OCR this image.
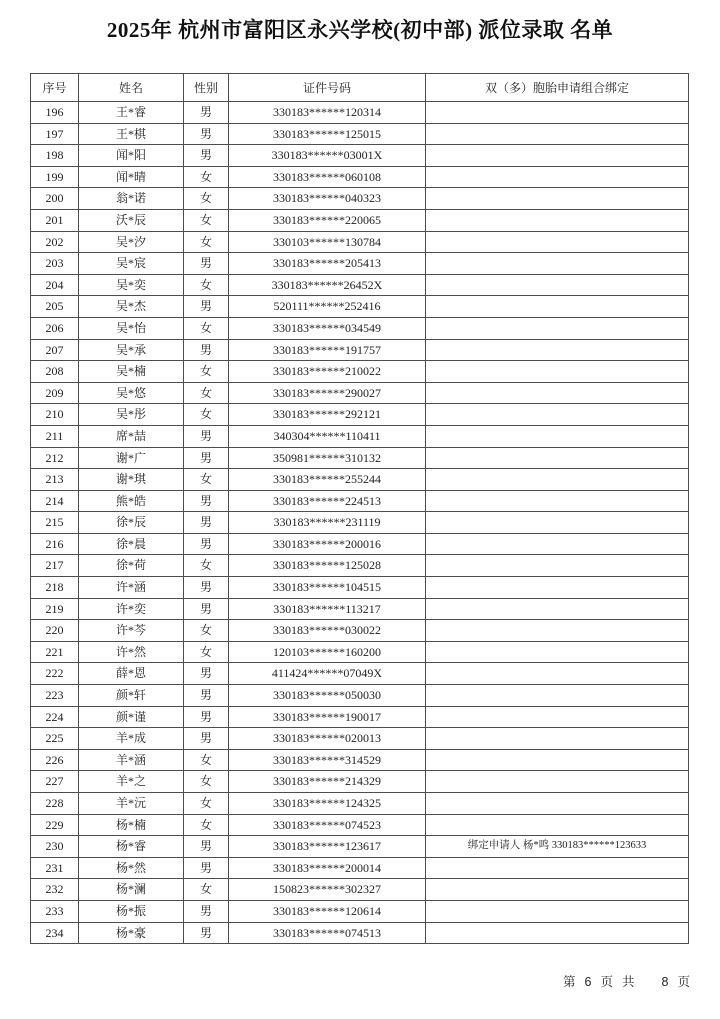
2025年 杭州市富阳区永兴学校(初中部) 派位录取 名单
序号	姓名	性别	证件号码	双（多）胞胎申请组合绑定
196	王*睿	男	330183******120314	
197	王*棋	男	330183******125015	
198	闻*阳	男	330183******03001X	
199	闻*晴	女	330183******060108	
200	翁*诺	女	330183******040323	
201	沃*辰	女	330183******220065	
202	吴*汐	女	330103******130784	
203	吴*宸	男	330183******205413	
204	吴*奕	女	330183******26452X	
205	吴*杰	男	520111******252416	
206	吴*怡	女	330183******034549	
207	吴*承	男	330183******191757	
208	吴*楠	女	330183******210022	
209	吴*悠	女	330183******290027	
210	吴*彤	女	330183******292121	
211	席*喆	男	340304******110411	
212	谢*广	男	350981******310132	
213	谢*琪	女	330183******255244	
214	熊*皓	男	330183******224513	
215	徐*辰	男	330183******231119	
216	徐*晨	男	330183******200016	
217	徐*荷	女	330183******125028	
218	许*涵	男	330183******104515	
219	许*奕	男	330183******113217	
220	许*芩	女	330183******030022	
221	许*然	女	120103******160200	
222	薛*恩	男	411424******07049X	
223	颜*轩	男	330183******050030	
224	颜*谨	男	330183******190017	
225	羊*成	男	330183******020013	
226	羊*涵	女	330183******314529	
227	羊*之	女	330183******214329	
228	羊*沅	女	330183******124325	
229	杨*楠	女	330183******074523	
230	杨*睿	男	330183******123617	绑定申请人 杨*鸣 330183******123633
231	杨*然	男	330183******200014	
232	杨*澜	女	150823******302327	
233	杨*振	男	330183******120614	
234	杨*豪	男	330183******074513	
第 6 页 共 8 页
